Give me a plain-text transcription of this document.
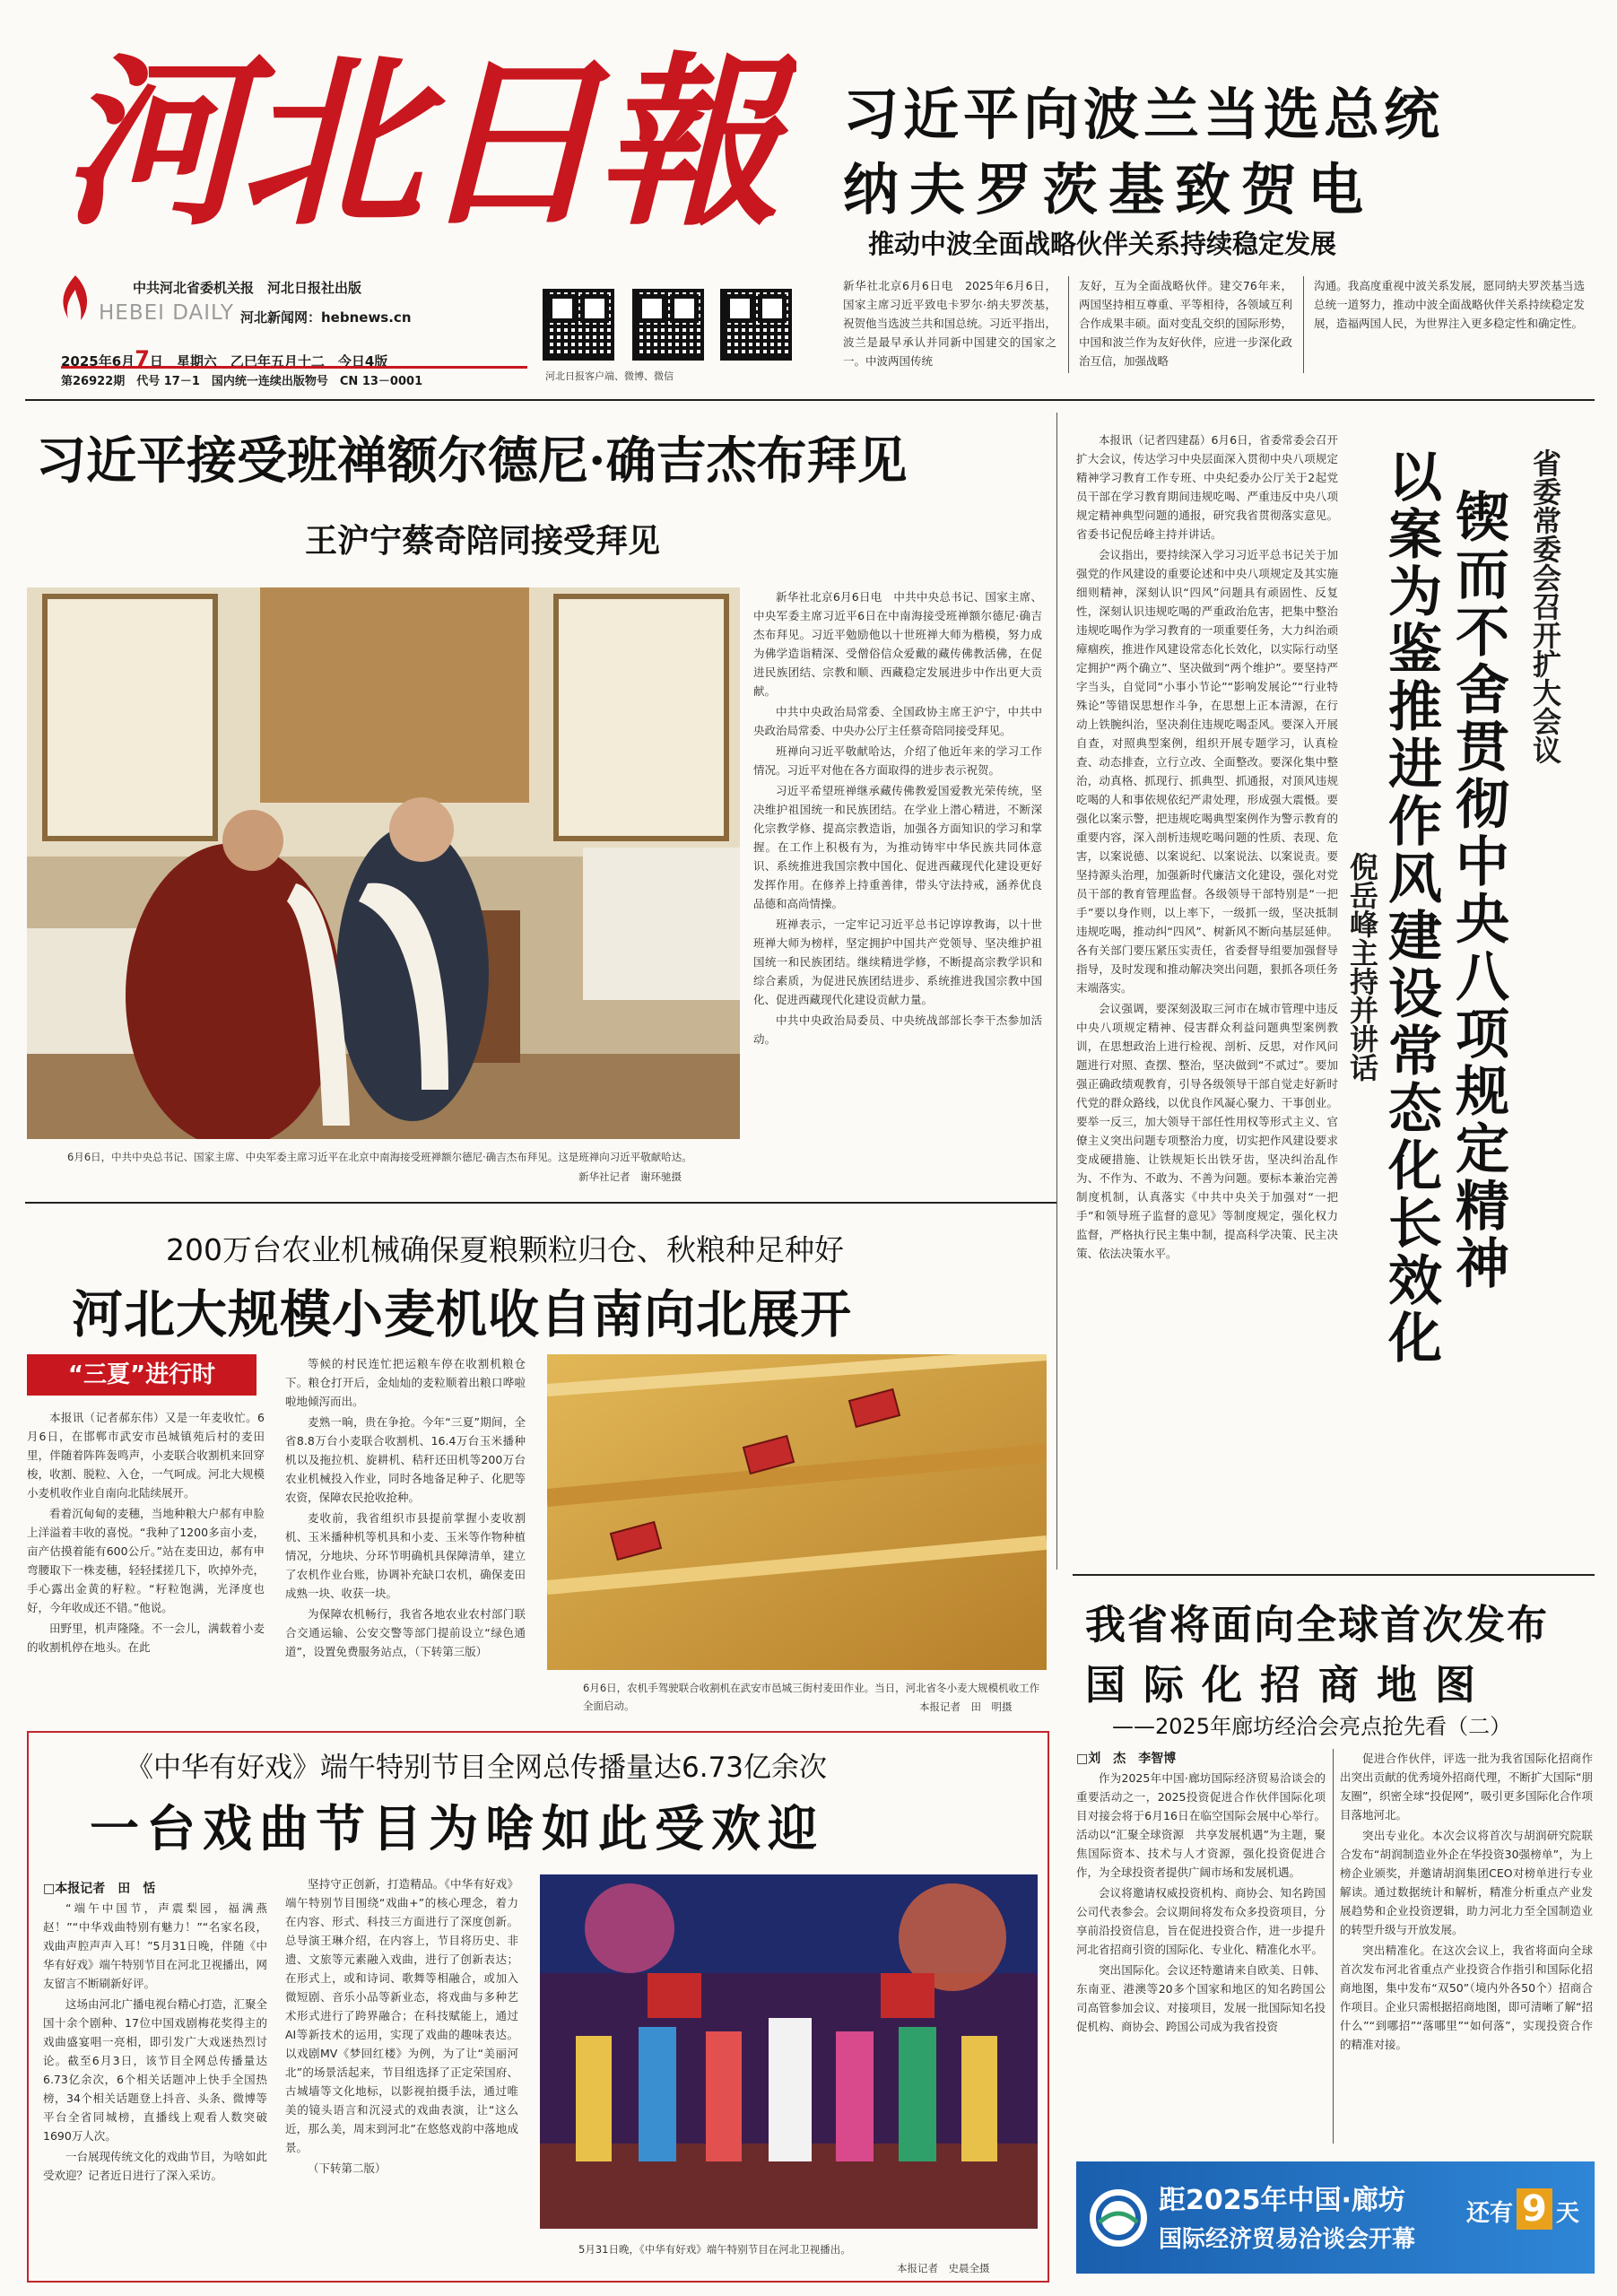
河北日報
HEBEI DAILY
中共河北省委机关报　河北日报社出版
河北新闻网：hebnews.cn
2025年6月7日　星期六　乙巳年五月十二　今日4版
第26922期　代号 17－1　国内统一连续出版物号　CN 13－0001	河北日报客户端、微博、微信
习近平向波兰当选总统
纳夫罗茨基致贺电
推动中波全面战略伙伴关系持续稳定发展
新华社北京6月6日电　2025年6月6日，国家主席习近平致电卡罗尔·纳夫罗茨基，祝贺他当选波兰共和国总统。习近平指出，波兰是最早承认并同新中国建交的国家之一。中波两国传统
友好，互为全面战略伙伴。建交76年来，两国坚持相互尊重、平等相待，各领域互利合作成果丰硕。面对变乱交织的国际形势，中国和波兰作为友好伙伴，应进一步深化政治互信，加强战略
沟通。我高度重视中波关系发展，愿同纳夫罗茨基当选总统一道努力，推动中波全面战略伙伴关系持续稳定发展，造福两国人民，为世界注入更多稳定性和确定性。
习近平接受班禅额尔德尼·确吉杰布拜见
王沪宁蔡奇陪同接受拜见
6月6日，中共中央总书记、国家主席、中央军委主席习近平在北京中南海接受班禅额尔德尼·确吉杰布拜见。这是班禅向习近平敬献哈达。
新华社记者　谢环驰摄

新华社北京6月6日电　中共中央总书记、国家主席、中央军委主席习近平6日在中南海接受班禅额尔德尼·确吉杰布拜见。习近平勉励他以十世班禅大师为楷模，努力成为佛学造诣精深、受僧俗信众爱戴的藏传佛教活佛，在促进民族团结、宗教和顺、西藏稳定发展进步中作出更大贡献。

中共中央政治局常委、全国政协主席王沪宁，中共中央政治局常委、中央办公厅主任蔡奇陪同接受拜见。

班禅向习近平敬献哈达，介绍了他近年来的学习工作情况。习近平对他在各方面取得的进步表示祝贺。

习近平希望班禅继承藏传佛教爱国爱教光荣传统，坚决维护祖国统一和民族团结。在学业上潜心精进，不断深化宗教学修、提高宗教造诣，加强各方面知识的学习和掌握。在工作上积极有为，为推动铸牢中华民族共同体意识、系统推进我国宗教中国化、促进西藏现代化建设更好发挥作用。在修养上持重善律，带头守法持戒，涵养优良品德和高尚情操。

班禅表示，一定牢记习近平总书记谆谆教诲，以十世班禅大师为榜样，坚定拥护中国共产党领导、坚决维护祖国统一和民族团结。继续精进学修，不断提高宗教学识和综合素质，为促进民族团结进步、系统推进我国宗教中国化、促进西藏现代化建设贡献力量。

中共中央政治局委员、中央统战部部长李干杰参加活动。

本报讯（记者四建磊）6月6日，省委常委会召开扩大会议，传达学习中央层面深入贯彻中央八项规定精神学习教育工作专班、中央纪委办公厅关于2起党员干部在学习教育期间违规吃喝、严重违反中央八项规定精神典型问题的通报，研究我省贯彻落实意见。省委书记倪岳峰主持并讲话。

会议指出，要持续深入学习习近平总书记关于加强党的作风建设的重要论述和中央八项规定及其实施细则精神，深刻认识“四风”问题具有顽固性、反复性，深刻认识违规吃喝的严重政治危害，把集中整治违规吃喝作为学习教育的一项重要任务，大力纠治顽瘴痼疾，推进作风建设常态化长效化，以实际行动坚定拥护“两个确立”、坚决做到“两个维护”。要坚持严字当头，自觉同“小事小节论”“影响发展论”“行业特殊论”等错误思想作斗争，在思想上正本清源，在行动上铁腕纠治，坚决刹住违规吃喝歪风。要深入开展自查，对照典型案例，组织开展专题学习，认真检查、动态排查，立行立改、全面整改。要深化集中整治，动真格、抓现行、抓典型、抓通报，对顶风违规吃喝的人和事依规依纪严肃处理，形成强大震慑。要强化以案示警，把违规吃喝典型案例作为警示教育的重要内容，深入剖析违规吃喝问题的性质、表现、危害，以案说德、以案说纪、以案说法、以案说责。要坚持源头治理，加强新时代廉洁文化建设，强化对党员干部的教育管理监督。各级领导干部特别是“一把手”要以身作则，以上率下，一级抓一级，坚决抵制违规吃喝，推动纠“四风”、树新风不断向基层延伸。各有关部门要压紧压实责任，省委督导组要加强督导指导，及时发现和推动解决突出问题，狠抓各项任务末端落实。

会议强调，要深刻汲取三河市在城市管理中违反中央八项规定精神、侵害群众利益问题典型案例教训，在思想政治上进行检视、剖析、反思，对作风问题进行对照、查摆、整治，坚决做到“不贰过”。要加强正确政绩观教育，引导各级领导干部自觉走好新时代党的群众路线，以优良作风凝心聚力、干事创业。要举一反三，加大领导干部任性用权等形式主义、官僚主义突出问题专项整治力度，切实把作风建设要求变成硬措施、让铁规矩长出铁牙齿，坚决纠治乱作为、不作为、不敢为、不善为问题。要标本兼治完善制度机制，认真落实《中共中央关于加强对“一把手”和领导班子监督的意见》等制度规定，强化权力监督，严格执行民主集中制，提高科学决策、民主决策、依法决策水平。	锲而不舍贯彻中央八项规定精神
以案为鉴推进作风建设常态化长效化	省委常委会召开扩大会议
倪岳峰主持并讲话
200万台农业机械确保夏粮颗粒归仓、秋粮种足种好
河北大规模小麦机收自南向北展开
“三夏”进行时

本报讯（记者郝东伟）又是一年麦收忙。6月6日，在邯郸市武安市邑城镇苑后村的麦田里，伴随着阵阵轰鸣声，小麦联合收割机来回穿梭，收割、脱粒、入仓，一气呵成。河北大规模小麦机收作业自南向北陆续展开。

看着沉甸甸的麦穗，当地种粮大户郝有申脸上洋溢着丰收的喜悦。“我种了1200多亩小麦，亩产估摸着能有600公斤。”站在麦田边，郝有申弯腰取下一株麦穗，轻轻揉搓几下，吹掉外壳，手心露出金黄的籽粒。“籽粒饱满，光泽度也好，今年收成还不错。”他说。

田野里，机声隆隆。不一会儿，满载着小麦的收割机停在地头。在此

等候的村民连忙把运粮车停在收割机粮仓下。粮仓打开后，金灿灿的麦粒顺着出粮口哗啦啦地倾泻而出。

麦熟一晌，贵在争抢。今年“三夏”期间，全省8.8万台小麦联合收割机、16.4万台玉米播种机以及拖拉机、旋耕机、秸秆还田机等200万台农业机械投入作业，同时各地备足种子、化肥等农资，保障农民抢收抢种。

麦收前，我省组织市县提前掌握小麦收割机、玉米播种机等机具和小麦、玉米等作物种植情况，分地块、分环节明确机具保障清单，建立了农机作业台账，协调补充缺口农机，确保麦田成熟一块、收获一块。

为保障农机畅行，我省各地农业农村部门联合交通运输、公安交警等部门提前设立“绿色通道”，设置免费服务站点，（下转第三版）

6月6日，农机手驾驶联合收割机在武安市邑城三街村麦田作业。当日，河北省冬小麦大规模机收工作全面启动。	本报记者　田　明摄
我省将面向全球首次发布
国际化招商地图
——2025年廊坊经洽会亮点抢先看（二）
□刘　杰　李智博

作为2025年中国·廊坊国际经济贸易洽谈会的重要活动之一，2025投资促进合作伙伴国际化项目对接会将于6月16日在临空国际会展中心举行。活动以“汇聚全球资源　共享发展机遇”为主题，聚焦国际资本、技术与人才资源，强化投资促进合作，为全球投资者提供广阔市场和发展机遇。

会议将邀请权威投资机构、商协会、知名跨国公司代表参会。会议期间将发布众多投资项目，分享前沿投资信息，旨在促进投资合作，进一步提升河北省招商引资的国际化、专业化、精准化水平。

突出国际化。会议还特邀请来自欧美、日韩、东南亚、港澳等20多个国家和地区的知名跨国公司高管参加会议、对接项目，发展一批国际知名投促机构、商协会、跨国公司成为我省投资

促进合作伙伴，评选一批为我省国际化招商作出突出贡献的优秀境外招商代理，不断扩大国际“朋友圈”，织密全球“投促网”，吸引更多国际化合作项目落地河北。

突出专业化。本次会议将首次与胡润研究院联合发布“胡润制造业外企在华投资30强榜单”，为上榜企业颁奖，并邀请胡润集团CEO对榜单进行专业解读。通过数据统计和解析，精准分析重点产业发展趋势和企业投资逻辑，助力河北力至全国制造业的转型升级与开放发展。

突出精准化。在这次会议上，我省将面向全球首次发布河北省重点产业投资合作指引和国际化招商地图，集中发布“双50”（境内外各50个）招商合作项目。企业只需根据招商地图，即可清晰了解“招什么”“到哪招”“落哪里”“如何落”，实现投资合作的精准对接。

《中华有好戏》端午特别节目全网总传播量达6.73亿余次
一台戏曲节目为啥如此受欢迎
□本报记者　田　恬

“端午中国节，声震梨园，福满燕赵！”“中华戏曲特别有魅力！”“名家名段，戏曲声腔声声入耳！”5月31日晚，伴随《中华有好戏》端午特别节目在河北卫视播出，网友留言不断刷新好评。

这场由河北广播电视台精心打造，汇聚全国十余个剧种、17位中国戏剧梅花奖得主的戏曲盛宴唱一亮相，即引发广大戏迷热烈讨论。截至6月3日，该节目全网总传播量达6.73亿余次，6个相关话题冲上快手全国热榜，34个相关话题登上抖音、头条、微博等平台全省同城榜，直播线上观看人数突破1690万人次。

一台展现传统文化的戏曲节目，为啥如此受欢迎？记者近日进行了深入采访。

坚持守正创新，打造精品。《中华有好戏》端午特别节目围绕“戏曲+”的核心理念，着力在内容、形式、科技三方面进行了深度创新。总导演王琳介绍，在内容上，节目将历史、非遗、文旅等元素融入戏曲，进行了创新表达；在形式上，或和诗词、歌舞等相融合，或加入微短剧、音乐小品等新业态，将戏曲与多种艺术形式进行了跨界融合；在科技赋能上，通过AI等新技术的运用，实现了戏曲的趣味表达。以戏剧MV《梦回红楼》为例，为了让“美丽河北”的场景活起来，节目组选择了正定荣国府、古城墙等文化地标，以影视拍摄手法，通过唯美的镜头语言和沉浸式的戏曲表演，让“这么近，那么美，周末到河北”在悠悠戏韵中落地成景。

（下转第二版）

5月31日晚，《中华有好戏》端午特别节目在河北卫视播出。
本报记者　史晨全摄
距2025年中国·廊坊
国际经济贸易洽谈会开幕
还有 9 天
